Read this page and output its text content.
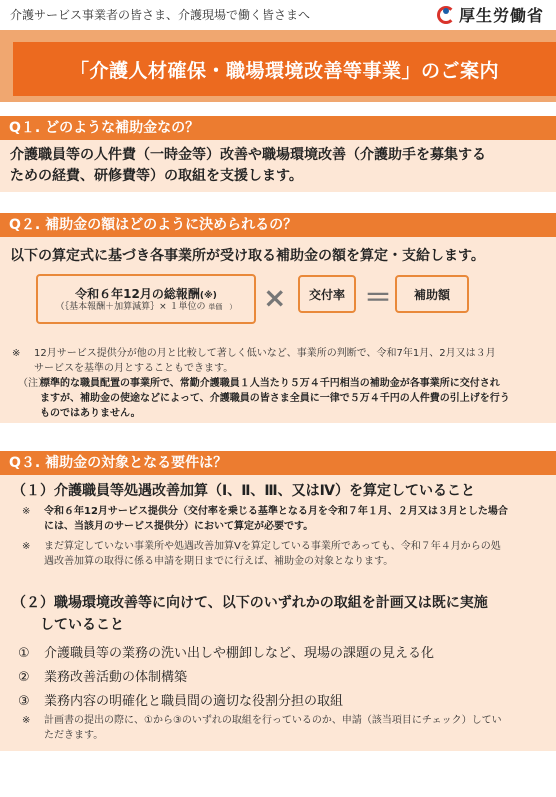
介護サービス事業者の皆さま、介護現場で働く皆さまへ	厚生労働省
「介護人材確保・職場環境改善等事業」のご案内
Q１. どのような補助金なの？
介護職員等の人件費（一時金等）改善や職場環境改善（介護助手を募集する
ための経費、研修費等）の取組を支援します。
Q２. 補助金の額はどのように決められるの？
以下の算定式に基づき各事業所が受け取る補助金の額を算定・支給します。
令和６年12月の総報酬(※)
（｛基本報酬＋加算減算｝× １単位の 単価　） × 交付率 ＝ 補助額
※ 12月サービス提供分が他の月と比較して著しく低いなど、事業所の判断で、令和7年1月、2月又は３月
サービスを基準の月とすることもできます。
（注）標準的な職員配置の事業所で、常勤介護職員１人当たり５万４千円相当の補助金が各事業所に交付され
ますが、補助金の使途などによって、介護職員の皆さま全員に一律で５万４千円の人件費の引上げを行う
ものではありません。
Q３. 補助金の対象となる要件は？
（１）介護職員等処遇改善加算（Ⅰ、Ⅱ、Ⅲ、又はⅣ）を算定していること
※ 令和６年12月サービス提供分（交付率を乗じる基準となる月を令和７年１月、２月又は３月とした場合
には、当該月のサービス提供分）において算定が必要です。
※ まだ算定していない事業所や処遇改善加算Ⅴを算定している事業所であっても、令和７年４月からの処
遇改善加算の取得に係る申請を期日までに行えば、補助金の対象となります。
（２）職場環境改善等に向けて、以下のいずれかの取組を計画又は既に実施
していること
① 介護職員等の業務の洗い出しや棚卸しなど、現場の課題の見える化
② 業務改善活動の体制構築
③ 業務内容の明確化と職員間の適切な役割分担の取組
※ 計画書の提出の際に、①から③のいずれの取組を行っているのか、申請（該当項目にチェック）してい
ただきます。
